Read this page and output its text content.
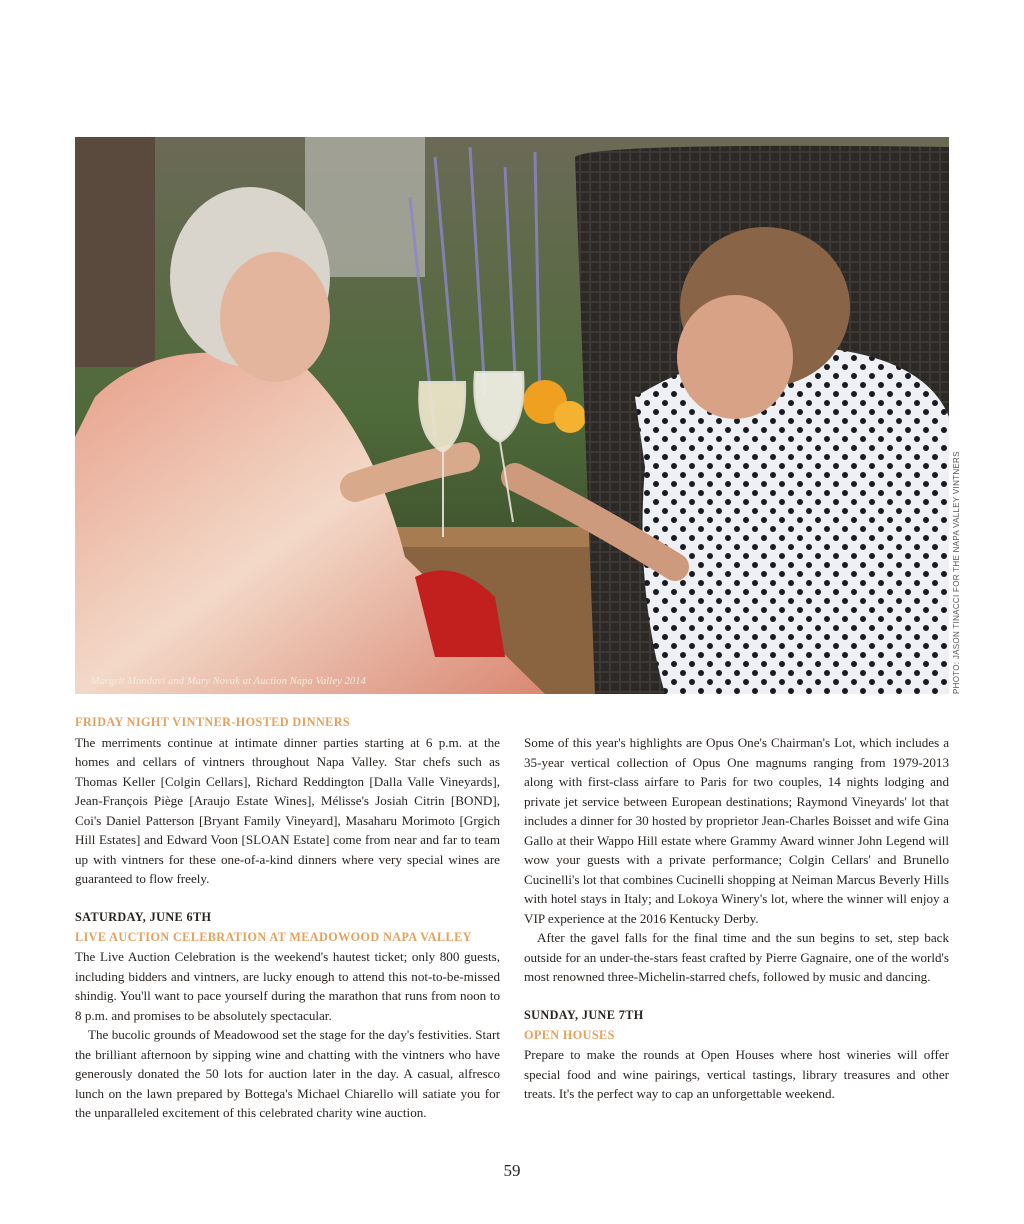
Margrit Mondavi and Mary Novak at Auction Napa Valley 2014	PHOTO: JASON TINACCI FOR THE NAPA VALLEY VINTNERS
FRIDAY NIGHT VINTNER-HOSTED DINNERS

The merriments continue at intimate dinner parties starting at 6 p.m. at the homes and cellars of vintners throughout Napa Valley. Star chefs such as Thomas Keller [Colgin Cellars], Richard Reddington [Dalla Valle Vineyards], Jean-François Piège [Araujo Estate Wines], Mélisse's Josiah Citrin [BOND], Coi's Daniel Patterson [Bryant Family Vineyard], Masaharu Morimoto [Grgich Hill Estates] and Edward Voon [SLOAN Estate] come from near and far to team up with vintners for these one-of-a-kind dinners where very special wines are guaranteed to flow freely.

SATURDAY, JUNE 6TH
LIVE AUCTION CELEBRATION AT MEADOWOOD NAPA VALLEY

The Live Auction Celebration is the weekend's hautest ticket; only 800 guests, including bidders and vintners, are lucky enough to attend this not-to-be-missed shindig. You'll want to pace yourself during the marathon that runs from noon to 8 p.m. and promises to be absolutely spectacular.

The bucolic grounds of Meadowood set the stage for the day's festivities. Start the brilliant afternoon by sipping wine and chatting with the vintners who have generously donated the 50 lots for auction later in the day. A casual, alfresco lunch on the lawn prepared by Bottega's Michael Chiarello will satiate you for the unparalleled excitement of this celebrated charity wine auction.

Some of this year's highlights are Opus One's Chairman's Lot, which includes a 35-year vertical collection of Opus One magnums ranging from 1979-2013 along with first-class airfare to Paris for two couples, 14 nights lodging and private jet service between European destinations; Raymond Vineyards' lot that includes a dinner for 30 hosted by proprietor Jean-Charles Boisset and wife Gina Gallo at their Wappo Hill estate where Grammy Award winner John Legend will wow your guests with a private performance; Colgin Cellars' and Brunello Cucinelli's lot that combines Cucinelli shopping at Neiman Marcus Beverly Hills with hotel stays in Italy; and Lokoya Winery's lot, where the winner will enjoy a VIP experience at the 2016 Kentucky Derby.

After the gavel falls for the final time and the sun begins to set, step back outside for an under-the-stars feast crafted by Pierre Gagnaire, one of the world's most renowned three-Michelin-starred chefs, followed by music and dancing.

SUNDAY, JUNE 7TH
OPEN HOUSES

Prepare to make the rounds at Open Houses where host wineries will offer special food and wine pairings, vertical tastings, library treasures and other treats. It's the perfect way to cap an unforgettable weekend.

59
